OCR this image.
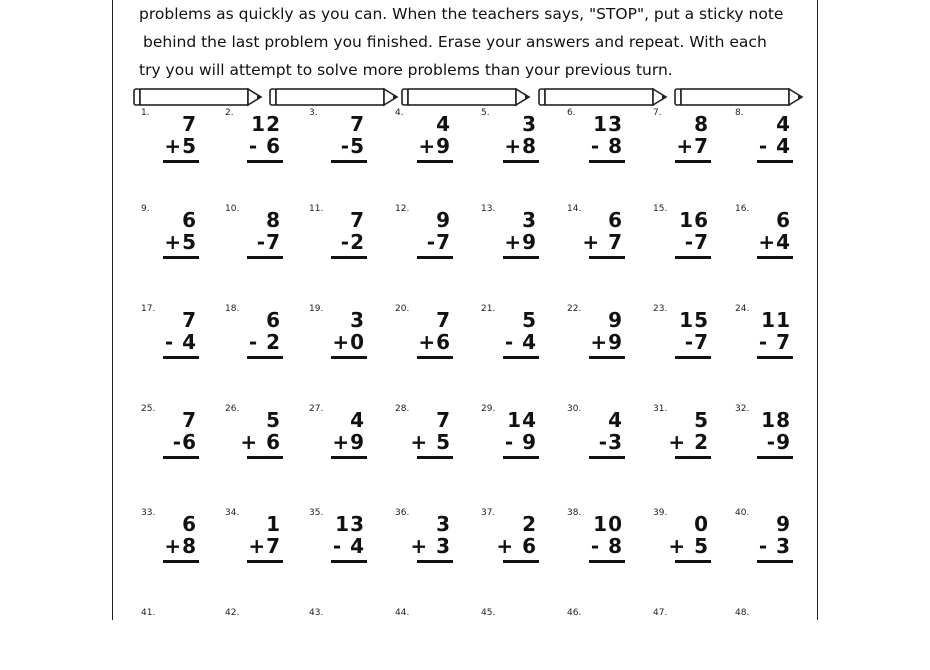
problems as quickly as you can. When the teachers says, "STOP", put a sticky note
behind the last problem you finished. Erase your answers and repeat. With each
try you will attempt to solve more problems than your previous turn.
1. 7
+5
2. 12
- 6
3. 7
-5
4. 4
+9
5. 3
+8
6. 13
- 8
7. 8
+7
8. 4
- 4
9. 6
+5
10. 8
-7
11. 7
-2
12. 9
-7
13. 3
+9
14. 6
+ 7
15. 16
-7
16. 6
+4
17. 7
- 4
18. 6
- 2
19. 3
+0
20. 7
+6
21. 5
- 4
22. 9
+9
23. 15
-7
24. 11
- 7
25. 7
-6
26. 5
+ 6
27. 4
+9
28. 7
+ 5
29. 14
- 9
30. 4
-3
31. 5
+ 2
32. 18
-9
33. 6
+8
34. 1
+7
35. 13
- 4
36. 3
+ 3
37. 2
+ 6
38. 10
- 8
39. 0
+ 5
40. 9
- 3
41.	42.	43.	44.	45.	46.	47.	48.
